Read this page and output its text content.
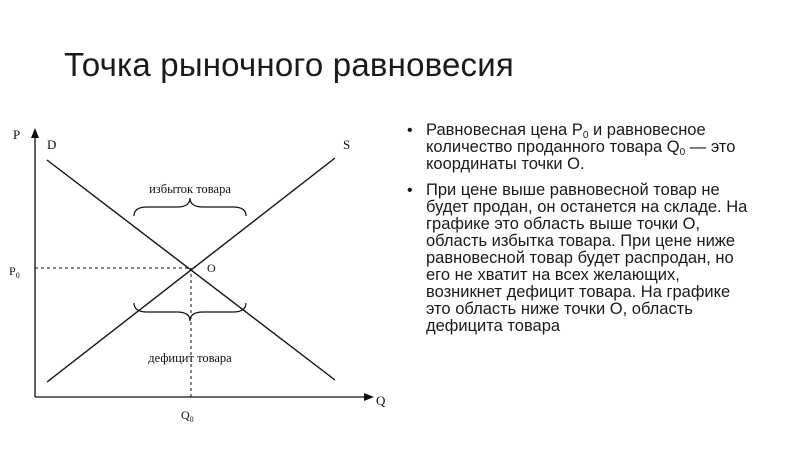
Точка рыночного равновесия
P
Q
D	S
O
$P_0$
$Q_0$
избыток товара
дефицит товара
• Равновесная цена $P_0$ и равновесное количество проданного товара $Q_0$ — это координаты точки O.
• При цене выше равновесной товар не будет продан, он останется на складе. На графике это область выше точки O, область избытка товара. При цене ниже равновесной товар будет распродан, но его не хватит на всех желающих, возникнет дефицит товара. На графике это область ниже точки O, область дефицита товара
